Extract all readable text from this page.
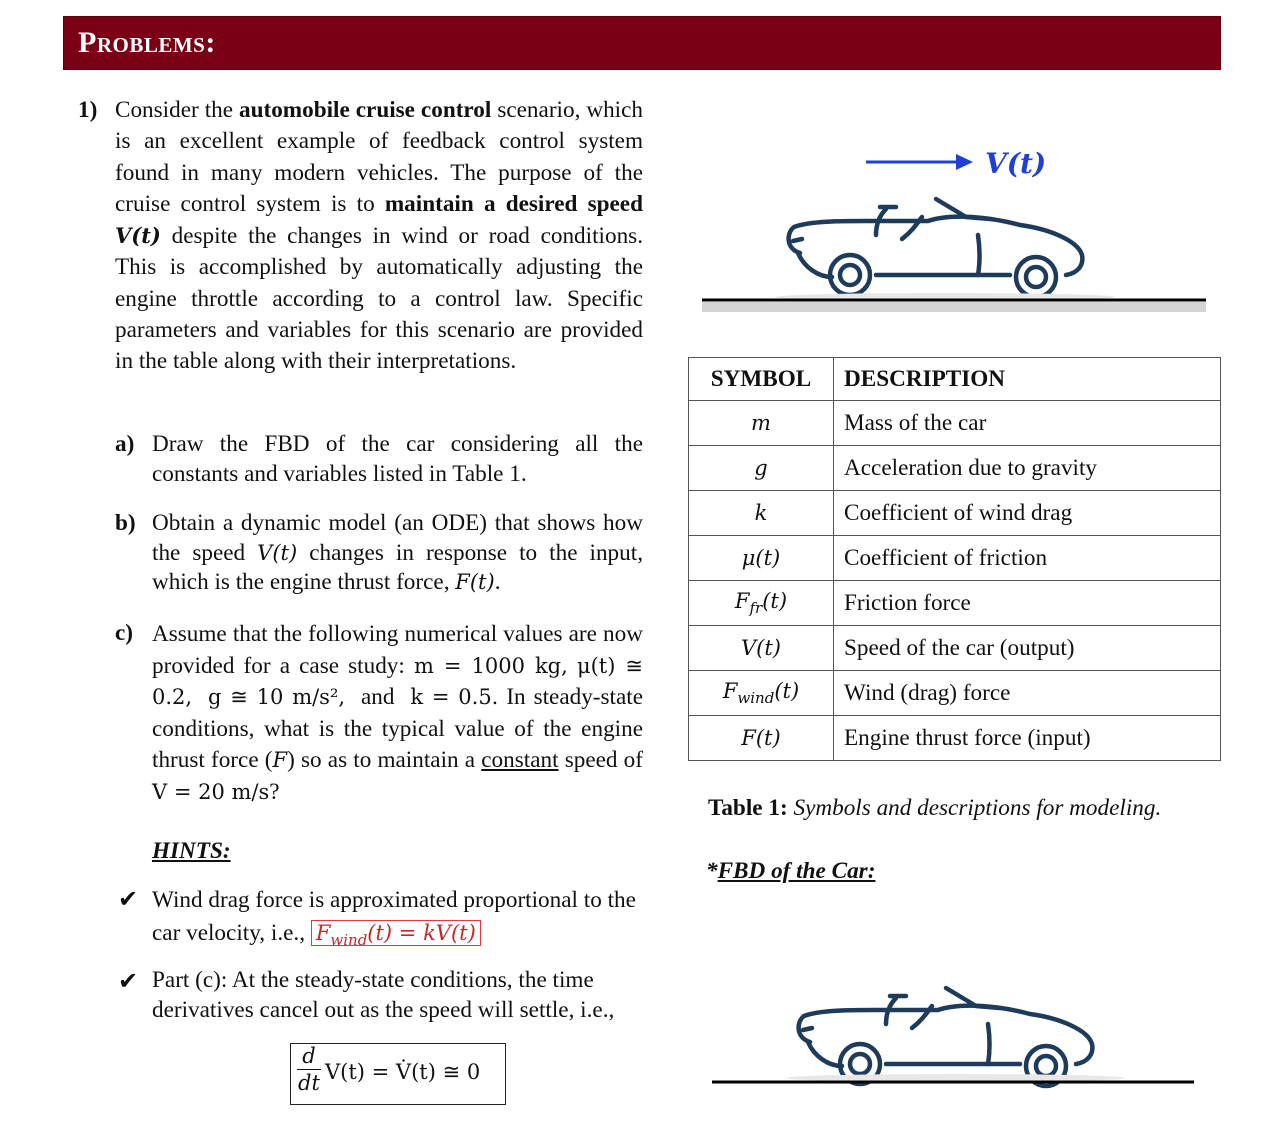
Problems:
1) Consider the automobile cruise control scenario, which is an excellent example of feedback control system found in many modern vehicles. The purpose of the cruise control system is to maintain a desired speed V(t) despite the changes in wind or road conditions. This is accomplished by automatically adjusting the engine throttle according to a control law. Specific parameters and variables for this scenario are provided in the table along with their interpretations.
a) Draw the FBD of the car considering all the constants and variables listed in Table 1.
b) Obtain a dynamic model (an ODE) that shows how the speed V(t) changes in response to the input, which is the engine thrust force, F(t).
c) Assume that the following numerical values are now provided for a case study: m = 1000 kg, μ(t) ≅ 0.2, g ≅ 10 m/s², and k = 0.5. In steady-state conditions, what is the typical value of the engine thrust force (F) so as to maintain a constant speed of V = 20 m/s?
HINTS:
✔ Wind drag force is approximated proportional to the car velocity, i.e., $F_{wind}(t) = kV(t)$
✔ Part (c): At the steady-state conditions, the time derivatives cancel out as the speed will settle, i.e.,
d
dt V(t) = V̇(t) ≅ 0
V(t)
SYMBOL	DESCRIPTION
m	Mass of the car
g	Acceleration due to gravity
k	Coefficient of wind drag
μ(t)	Coefficient of friction
$F_{fr}(t)$	Friction force
V(t)	Speed of the car (output)
$F_{wind}(t)$	Wind (drag) force
F(t)	Engine thrust force (input)
Table 1: Symbols and descriptions for modeling.
*FBD of the Car:
